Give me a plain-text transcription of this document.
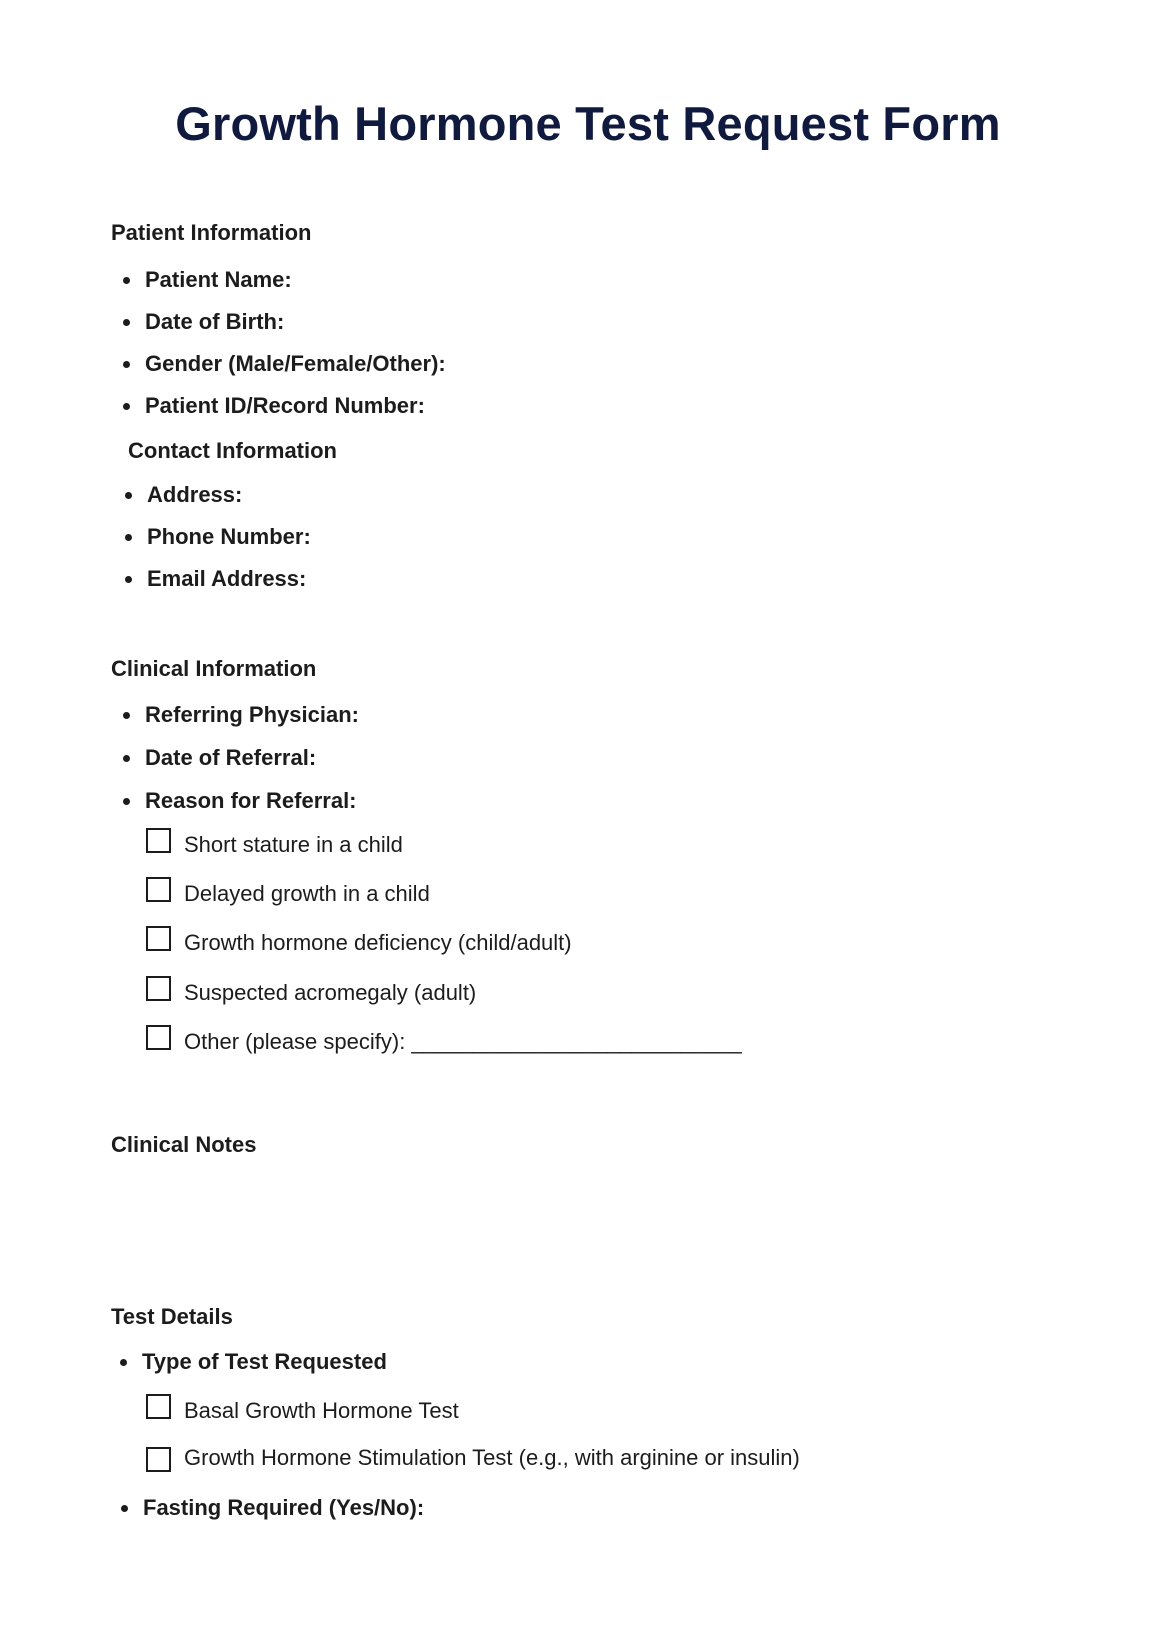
Growth Hormone Test Request Form
Patient Information
Patient Name:
Date of Birth:
Gender (Male/Female/Other):
Patient ID/Record Number:
Contact Information
Address:
Phone Number:
Email Address:
Clinical Information
Referring Physician:
Date of Referral:
Reason for Referral:
Short stature in a child
Delayed growth in a child
Growth hormone deficiency (child/adult)
Suspected acromegaly (adult)
Other (please specify): ___________________________
Clinical Notes
Test Details
Type of Test Requested
Basal Growth Hormone Test
Growth Hormone Stimulation Test (e.g., with arginine or insulin)
Fasting Required (Yes/No):
